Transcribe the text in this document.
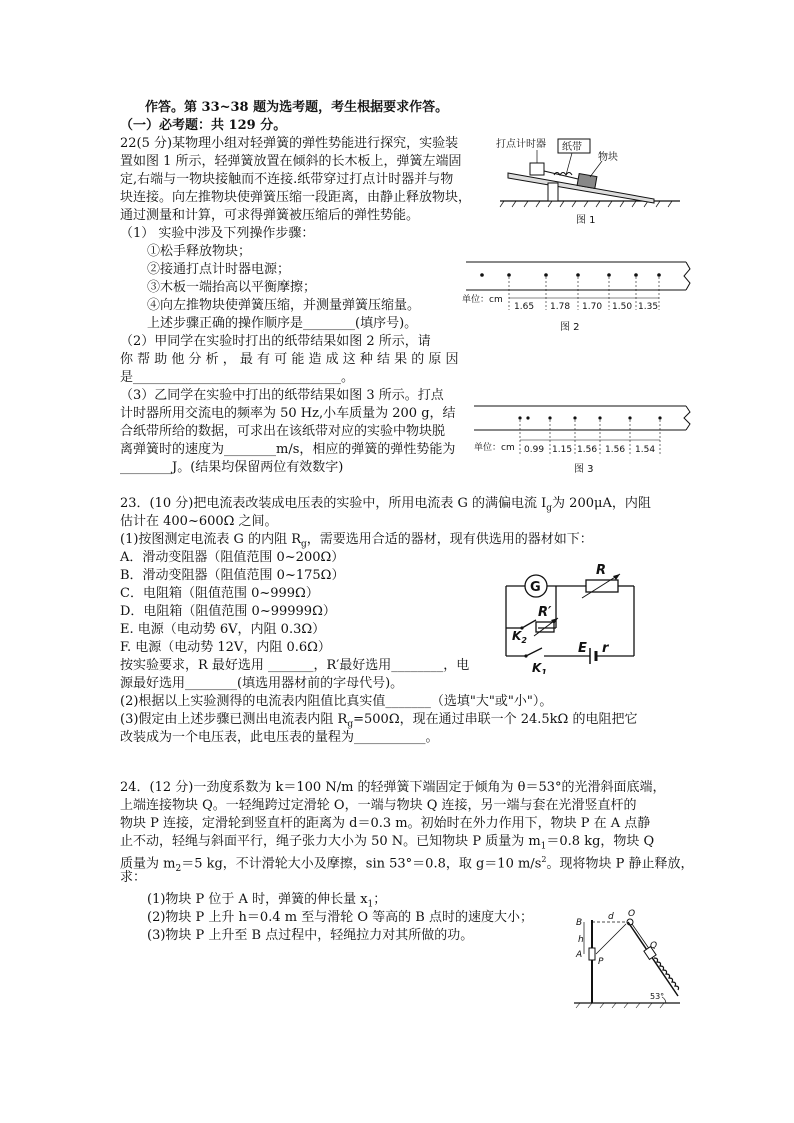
作答。第 33~38 题为选考题，考生根据要求作答。
（一）必考题：共 129 分。
22(5 分)某物理小组对轻弹簧的弹性势能进行探究，实验装
置如图 1 所示，轻弹簧放置在倾斜的长木板上，弹簧左端固
定,右端与一物块接触而不连接.纸带穿过打点计时器并与物
块连接。向左推物块使弹簧压缩一段距离，由静止释放物块，
通过测量和计算，可求得弹簧被压缩后的弹性势能。
（1） 实验中涉及下列操作步骤：
①松手释放物块；
②接通打点计时器电源；
③木板一端抬高以平衡摩擦；
④向左推物块使弹簧压缩，并测量弹簧压缩量。
上述步骤正确的操作顺序是________(填序号)。
（2）甲同学在实验时打出的纸带结果如图 2 所示，请
你 帮 助 他 分 析 ， 最 有 可 能 造 成 这 种 结 果 的 原 因
是________________________________。
（3）乙同学在实验中打出的纸带结果如图 3 所示。打点
计时器所用交流电的频率为 50 Hz,小车质量为 200 g，结
合纸带所给的数据，可求出在该纸带对应的实验中物块脱
离弹簧时的速度为________m/s，相应的弹簧的弹性势能为
________J。(结果均保留两位有效数字)
打点计时器 纸带
物块
图 1
单位：cm
1.65 1.78 1.70 1.50 1.35
图 2
单位：cm 0.99 1.15 1.56 1.56 1.54
图 3
23．(10 分)把电流表改装成电压表的实验中，所用电流表 G 的满偏电流 $I_g$为 200μA，内阻
估计在 400~600Ω 之间。
(1)按图测定电流表 G 的内阻 $R_g$，需要选用合适的器材，现有供选用的器材如下：
A．滑动变阻器（阻值范围 0~200Ω）
B．滑动变阻器（阻值范围 0~175Ω）
C．电阻箱（阻值范围 0~999Ω）
D．电阻箱（阻值范围 0~99999Ω）
E. 电源（电动势 6V，内阻 0.3Ω）
F. 电源（电动势 12V，内阻 0.6Ω）
按实验要求，R 最好选用 _______，R′最好选用________，电
源最好选用________(填选用器材前的字母代号)。
(2)根据以上实验测得的电流表内阻值比真实值_______（选填"大"或"小"）。
(3)假定由上述步骤已测出电流表内阻 $R_g=500\Omega$，现在通过串联一个 24.5kΩ 的电阻把它
改装成为一个电压表，此电压表的量程为___________。
G
R
R′
$K_2$
$K_1$
E r
24．(12 分)一劲度系数为 k＝100 N/m 的轻弹簧下端固定于倾角为 θ＝53°的光滑斜面底端，
上端连接物块 Q。一轻绳跨过定滑轮 O，一端与物块 Q 连接，另一端与套在光滑竖直杆的
物块 P 连接，定滑轮到竖直杆的距离为 d＝0.3 m。初始时在外力作用下，物块 P 在 A 点静
止不动，轻绳与斜面平行，绳子张力大小为 50 N。已知物块 P 质量为 $m_1=0.8$ kg，物块 Q
质量为 $m_2=5$ kg，不计滑轮大小及摩擦，sin 53°＝0.8，取 g＝10 $m/s^2$。现将物块 P 静止释放，
求：
(1)物块 P 位于 A 时，弹簧的伸长量 $x_1$；
(2)物块 P 上升 h＝0.4 m 至与滑轮 O 等高的 B 点时的速度大小；
(3)物块 P 上升至 B 点过程中，轻绳拉力对其所做的功。
B
A
h
d O
P
Q
53°
